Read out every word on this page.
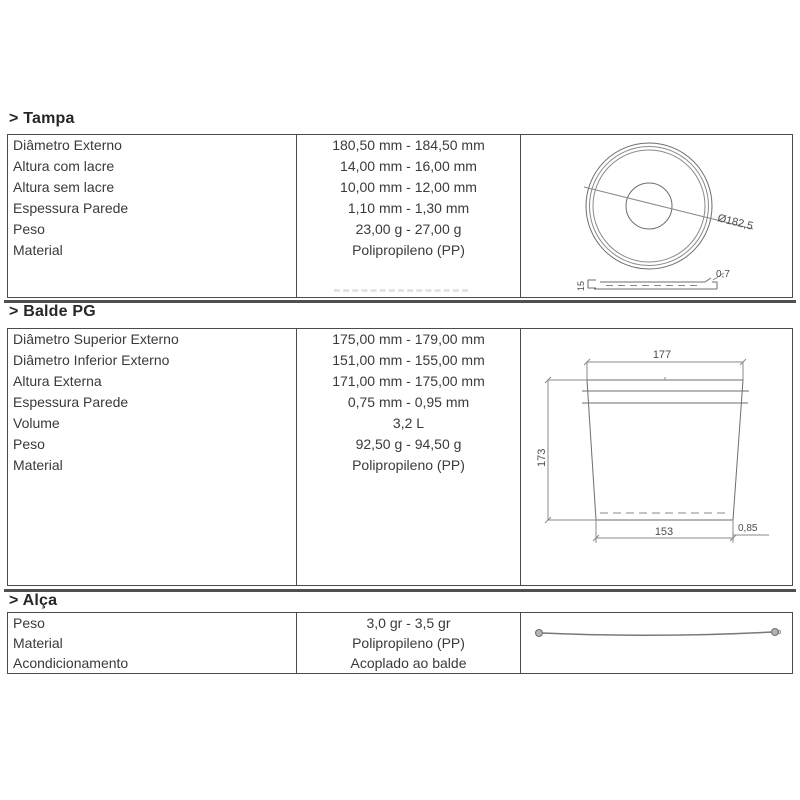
> Tampa
Diâmetro Externo
Altura com lacre
Altura sem lacre
Espessura Parede
Peso
Material
180,50 mm - 184,50 mm
14,00 mm - 16,00 mm
10,00 mm - 12,00 mm
1,10 mm - 1,30 mm
23,00 g - 27,00 g
Polipropileno (PP)
Ø182,5
0,7
15
> Balde PG
Diâmetro Superior Externo
Diâmetro Inferior Externo
Altura Externa
Espessura Parede
Volume
Peso
Material
175,00 mm - 179,00 mm
151,00 mm - 155,00 mm
171,00 mm - 175,00 mm
0,75 mm - 0,95 mm
3,2 L
92,50 g - 94,50 g
Polipropileno (PP)
177
173
153	0,85
> Alça
Peso
Material
Acondicionamento
3,0 gr - 3,5 gr
Polipropileno (PP)
Acoplado ao balde
